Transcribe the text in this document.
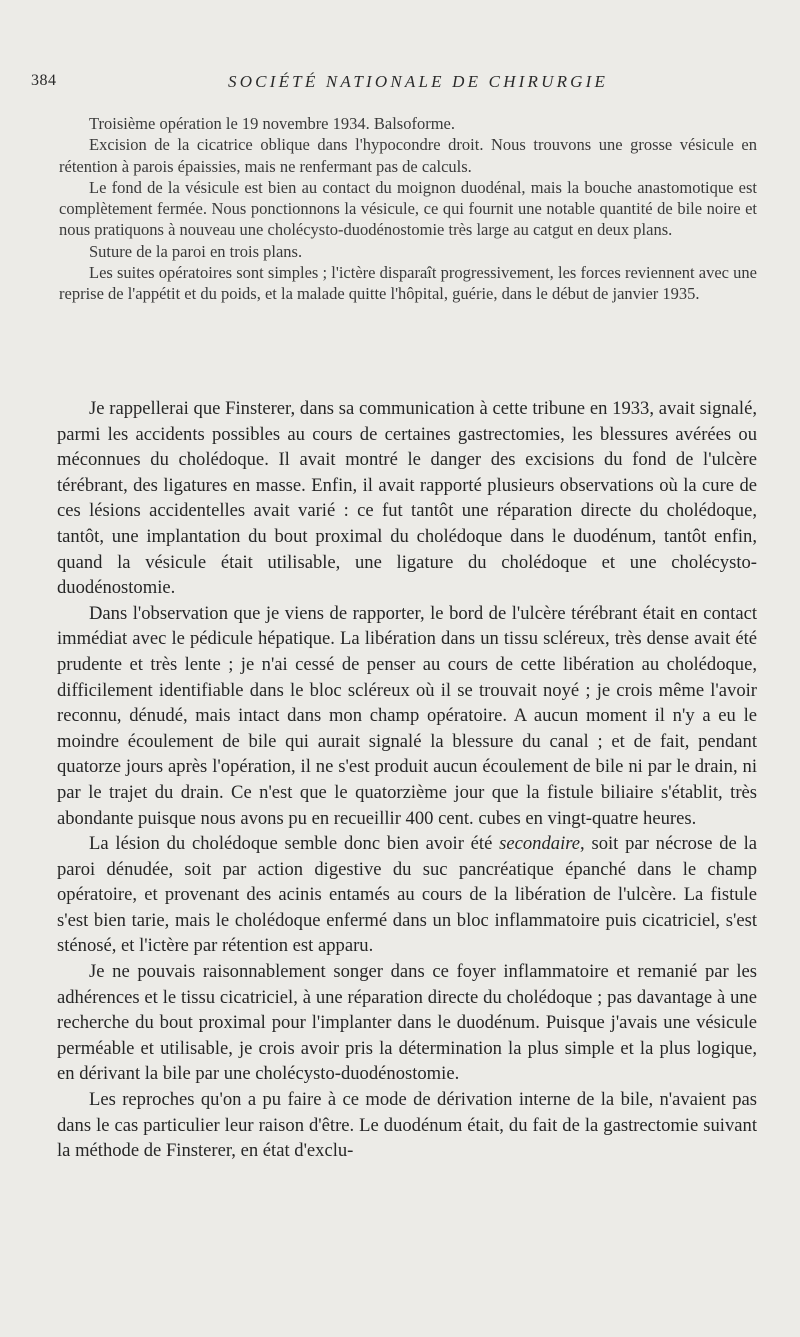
384	SOCIÉTÉ NATIONALE DE CHIRURGIE

Troisième opération le 19 novembre 1934. Balsoforme.

Excision de la cicatrice oblique dans l'hypocondre droit. Nous trouvons une grosse vésicule en rétention à parois épaissies, mais ne renfermant pas de calculs.

Le fond de la vésicule est bien au contact du moignon duodénal, mais la bouche anastomotique est complètement fermée. Nous ponctionnons la vésicule, ce qui fournit une notable quantité de bile noire et nous pratiquons à nouveau une cholécysto-duodénostomie très large au catgut en deux plans.

Suture de la paroi en trois plans.

Les suites opératoires sont simples ; l'ictère disparaît progressivement, les forces reviennent avec une reprise de l'appétit et du poids, et la malade quitte l'hôpital, guérie, dans le début de janvier 1935.

Je rappellerai que Finsterer, dans sa communication à cette tribune en 1933, avait signalé, parmi les accidents possibles au cours de certaines gastrectomies, les blessures avérées ou méconnues du cholédoque. Il avait montré le danger des excisions du fond de l'ulcère térébrant, des ligatures en masse. Enfin, il avait rapporté plusieurs observations où la cure de ces lésions accidentelles avait varié : ce fut tantôt une réparation directe du cholédoque, tantôt, une implantation du bout proximal du cholédoque dans le duodénum, tantôt enfin, quand la vésicule était utilisable, une ligature du cholédoque et une cholécysto-duodénostomie.

Dans l'observation que je viens de rapporter, le bord de l'ulcère térébrant était en contact immédiat avec le pédicule hépatique. La libération dans un tissu scléreux, très dense avait été prudente et très lente ; je n'ai cessé de penser au cours de cette libération au cholédoque, difficilement identifiable dans le bloc scléreux où il se trouvait noyé ; je crois même l'avoir reconnu, dénudé, mais intact dans mon champ opératoire. A aucun moment il n'y a eu le moindre écoulement de bile qui aurait signalé la blessure du canal ; et de fait, pendant quatorze jours après l'opération, il ne s'est produit aucun écoulement de bile ni par le drain, ni par le trajet du drain. Ce n'est que le quatorzième jour que la fistule biliaire s'établit, très abondante puisque nous avons pu en recueillir 400 cent. cubes en vingt-quatre heures.

La lésion du cholédoque semble donc bien avoir été secondaire, soit par nécrose de la paroi dénudée, soit par action digestive du suc pancréatique épanché dans le champ opératoire, et provenant des acinis entamés au cours de la libération de l'ulcère. La fistule s'est bien tarie, mais le cholédoque enfermé dans un bloc inflammatoire puis cicatriciel, s'est sténosé, et l'ictère par rétention est apparu.

Je ne pouvais raisonnablement songer dans ce foyer inflammatoire et remanié par les adhérences et le tissu cicatriciel, à une réparation directe du cholédoque ; pas davantage à une recherche du bout proximal pour l'implanter dans le duodénum. Puisque j'avais une vésicule perméable et utilisable, je crois avoir pris la détermination la plus simple et la plus logique, en dérivant la bile par une cholécysto-duodénostomie.

Les reproches qu'on a pu faire à ce mode de dérivation interne de la bile, n'avaient pas dans le cas particulier leur raison d'être. Le duodénum était, du fait de la gastrectomie suivant la méthode de Finsterer, en état d'exclu-
